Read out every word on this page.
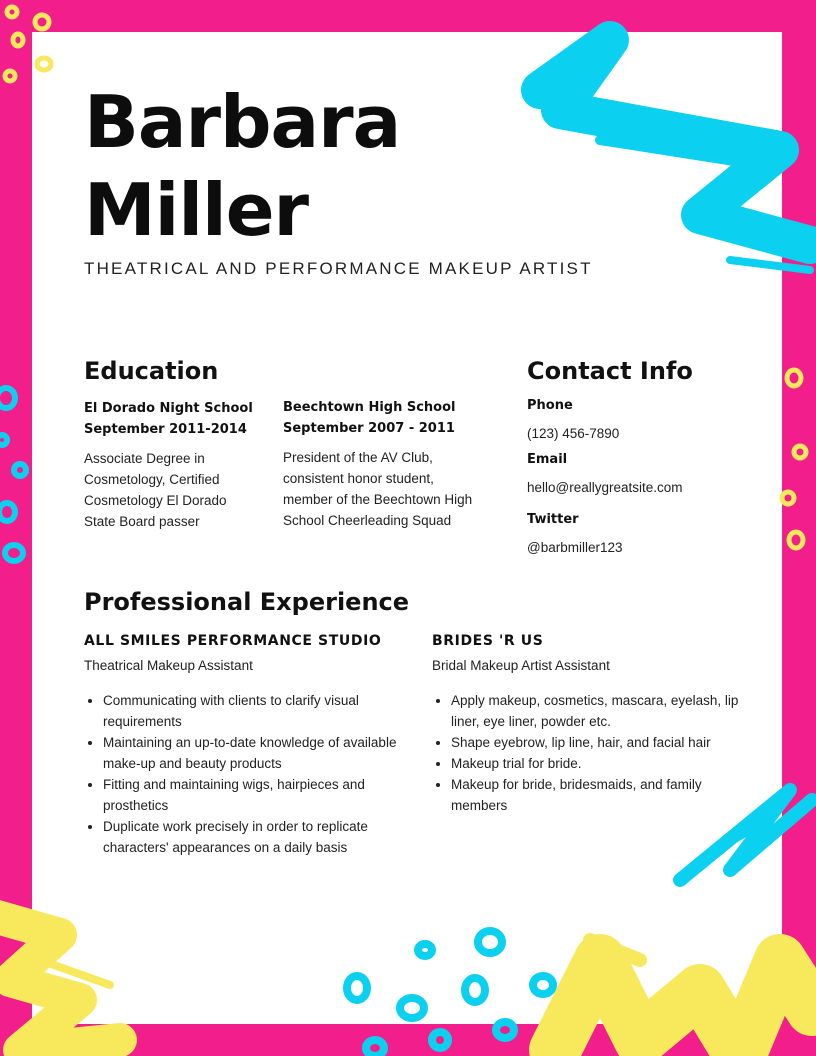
Barbara
Miller

THEATRICAL AND PERFORMANCE MAKEUP ARTIST

Education
El Dorado Night School
September 2011-2014
Associate Degree in
Cosmetology, Certified
Cosmetology El Dorado
State Board passer
Beechtown High School
September 2007 - 2011
President of the AV Club,
consistent honor student,
member of the Beechtown High
School Cheerleading Squad
Contact Info
Phone
(123) 456-7890
Email
hello@reallygreatsite.com
Twitter
@barbmiller123
Professional Experience
ALL SMILES PERFORMANCE STUDIO
Theatrical Makeup Assistant
• Communicating with clients to clarify visual requirements
• Maintaining an up-to-date knowledge of available make-up and beauty products
• Fitting and maintaining wigs, hairpieces and prosthetics
• Duplicate work precisely in order to replicate characters' appearances on a daily basis
BRIDES 'R US
Bridal Makeup Artist Assistant
• Apply makeup, cosmetics, mascara, eyelash, lip liner, eye liner, powder etc.
• Shape eyebrow, lip line, hair, and facial hair
• Makeup trial for bride.
• Makeup for bride, bridesmaids, and family members
